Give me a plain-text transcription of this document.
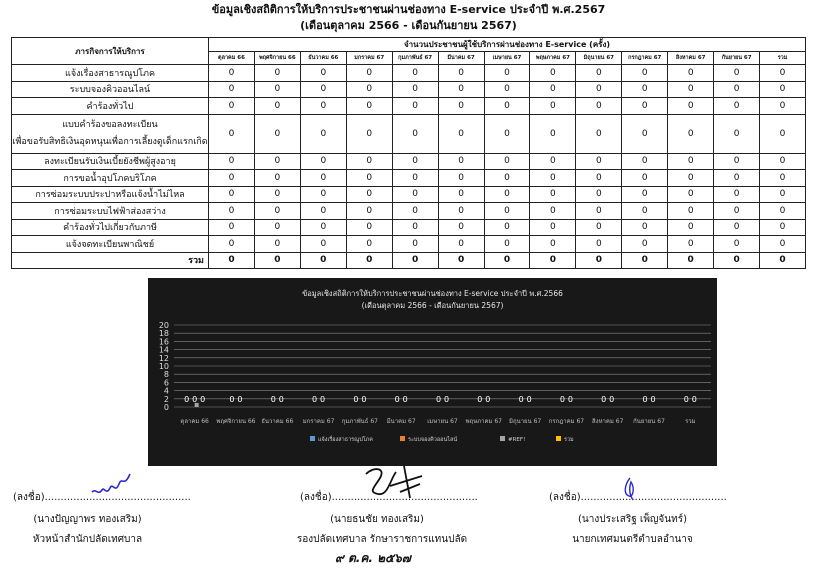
ข้อมูลเชิงสถิติการให้บริการประชาชนผ่านช่องทาง E-service ประจำปี พ.ศ.2567
(เดือนตุลาคม 2566 - เดือนกันยายน 2567)
ภารกิจการให้บริการ	จำนวนประชาชนผู้ใช้บริการผ่านช่องทาง E-service (ครั้ง)												
	ตุลาคม 66	พฤศจิกายน 66	ธันวาคม 66	มกราคม 67	กุมภาพันธ์ 67	มีนาคม 67	เมษายน 67	พฤษภาคม 67	มิถุนายน 67	กรกฎาคม 67	สิงหาคม 67	กันยายน 67	รวม
แจ้งเรื่องสาธารณูปโภค	0	0	0	0	0	0	0	0	0	0	0	0	0
ระบบจองคิวออนไลน์	0	0	0	0	0	0	0	0	0	0	0	0	0
คำร้องทั่วไป	0	0	0	0	0	0	0	0	0	0	0	0	0

แบบคำร้องขอลงทะเบียน
เพื่อขอรับสิทธิเงินอุดหนุนเพื่อการเลี้ยงดูเด็กแรกเกิด	0	0	0	0	0	0	0	0	0	0	0	0	0
ลงทะเบียนรับเงินเบี้ยยังชีพผู้สูงอายุ	0	0	0	0	0	0	0	0	0	0	0	0	0
การขอน้ำอุปโภคบริโภค	0	0	0	0	0	0	0	0	0	0	0	0	0
การซ่อมระบบประปาหรือแจ้งน้ำไม่ไหล	0	0	0	0	0	0	0	0	0	0	0	0	0
การซ่อมระบบไฟฟ้าส่องสว่าง	0	0	0	0	0	0	0	0	0	0	0	0	0
คำร้องทั่วไปเกี่ยวกับภาษี	0	0	0	0	0	0	0	0	0	0	0	0	0
แจ้งจดทะเบียนพาณิชย์	0	0	0	0	0	0	0	0	0	0	0	0	0
รวม	0	0	0	0	0	0	0	0	0	0	0	0	0
ข้อมูลเชิงสถิติการให้บริการประชาชนผ่านช่องทาง E-service ประจำปี พ.ศ.2566
(เดือนตุลาคม 2566 - เดือนกันยายน 2567)
0
2
4
6
8
10
12
14
16
18
20
ตุลาคม 66
0 0 0
พฤศจิกายน 66
0 0
ธันวาคม 66
0 0
มกราคม 67
0 0
กุมภาพันธ์ 67
0 0
มีนาคม 67
0 0
เมษายน 67
0 0
พฤษภาคม 67
0 0
มิถุนายน 67
0 0
กรกฎาคม 67
0 0
สิงหาคม 67
0 0
กันยายน 67
0 0
รวม
0 0
แจ้งเรื่องสาธารณูปโภค	ระบบจองคิวออนไลน์	#REF!	รวม
(ลงชื่อ)..............................................
(นางปัญญาพร ทองเสริม)
หัวหน้าสำนักปลัดเทศบาล
(ลงชื่อ)..............................................
(นายธนชัย ทองเสริม)
รองปลัดเทศบาล รักษาราชการแทนปลัด
๙ ต.ค. ๒๕๖๗
(ลงชื่อ)..............................................
(นางประเสริฐ เพ็ญจันทร์)
นายกเทศมนตรีตำบลอำนาจ
